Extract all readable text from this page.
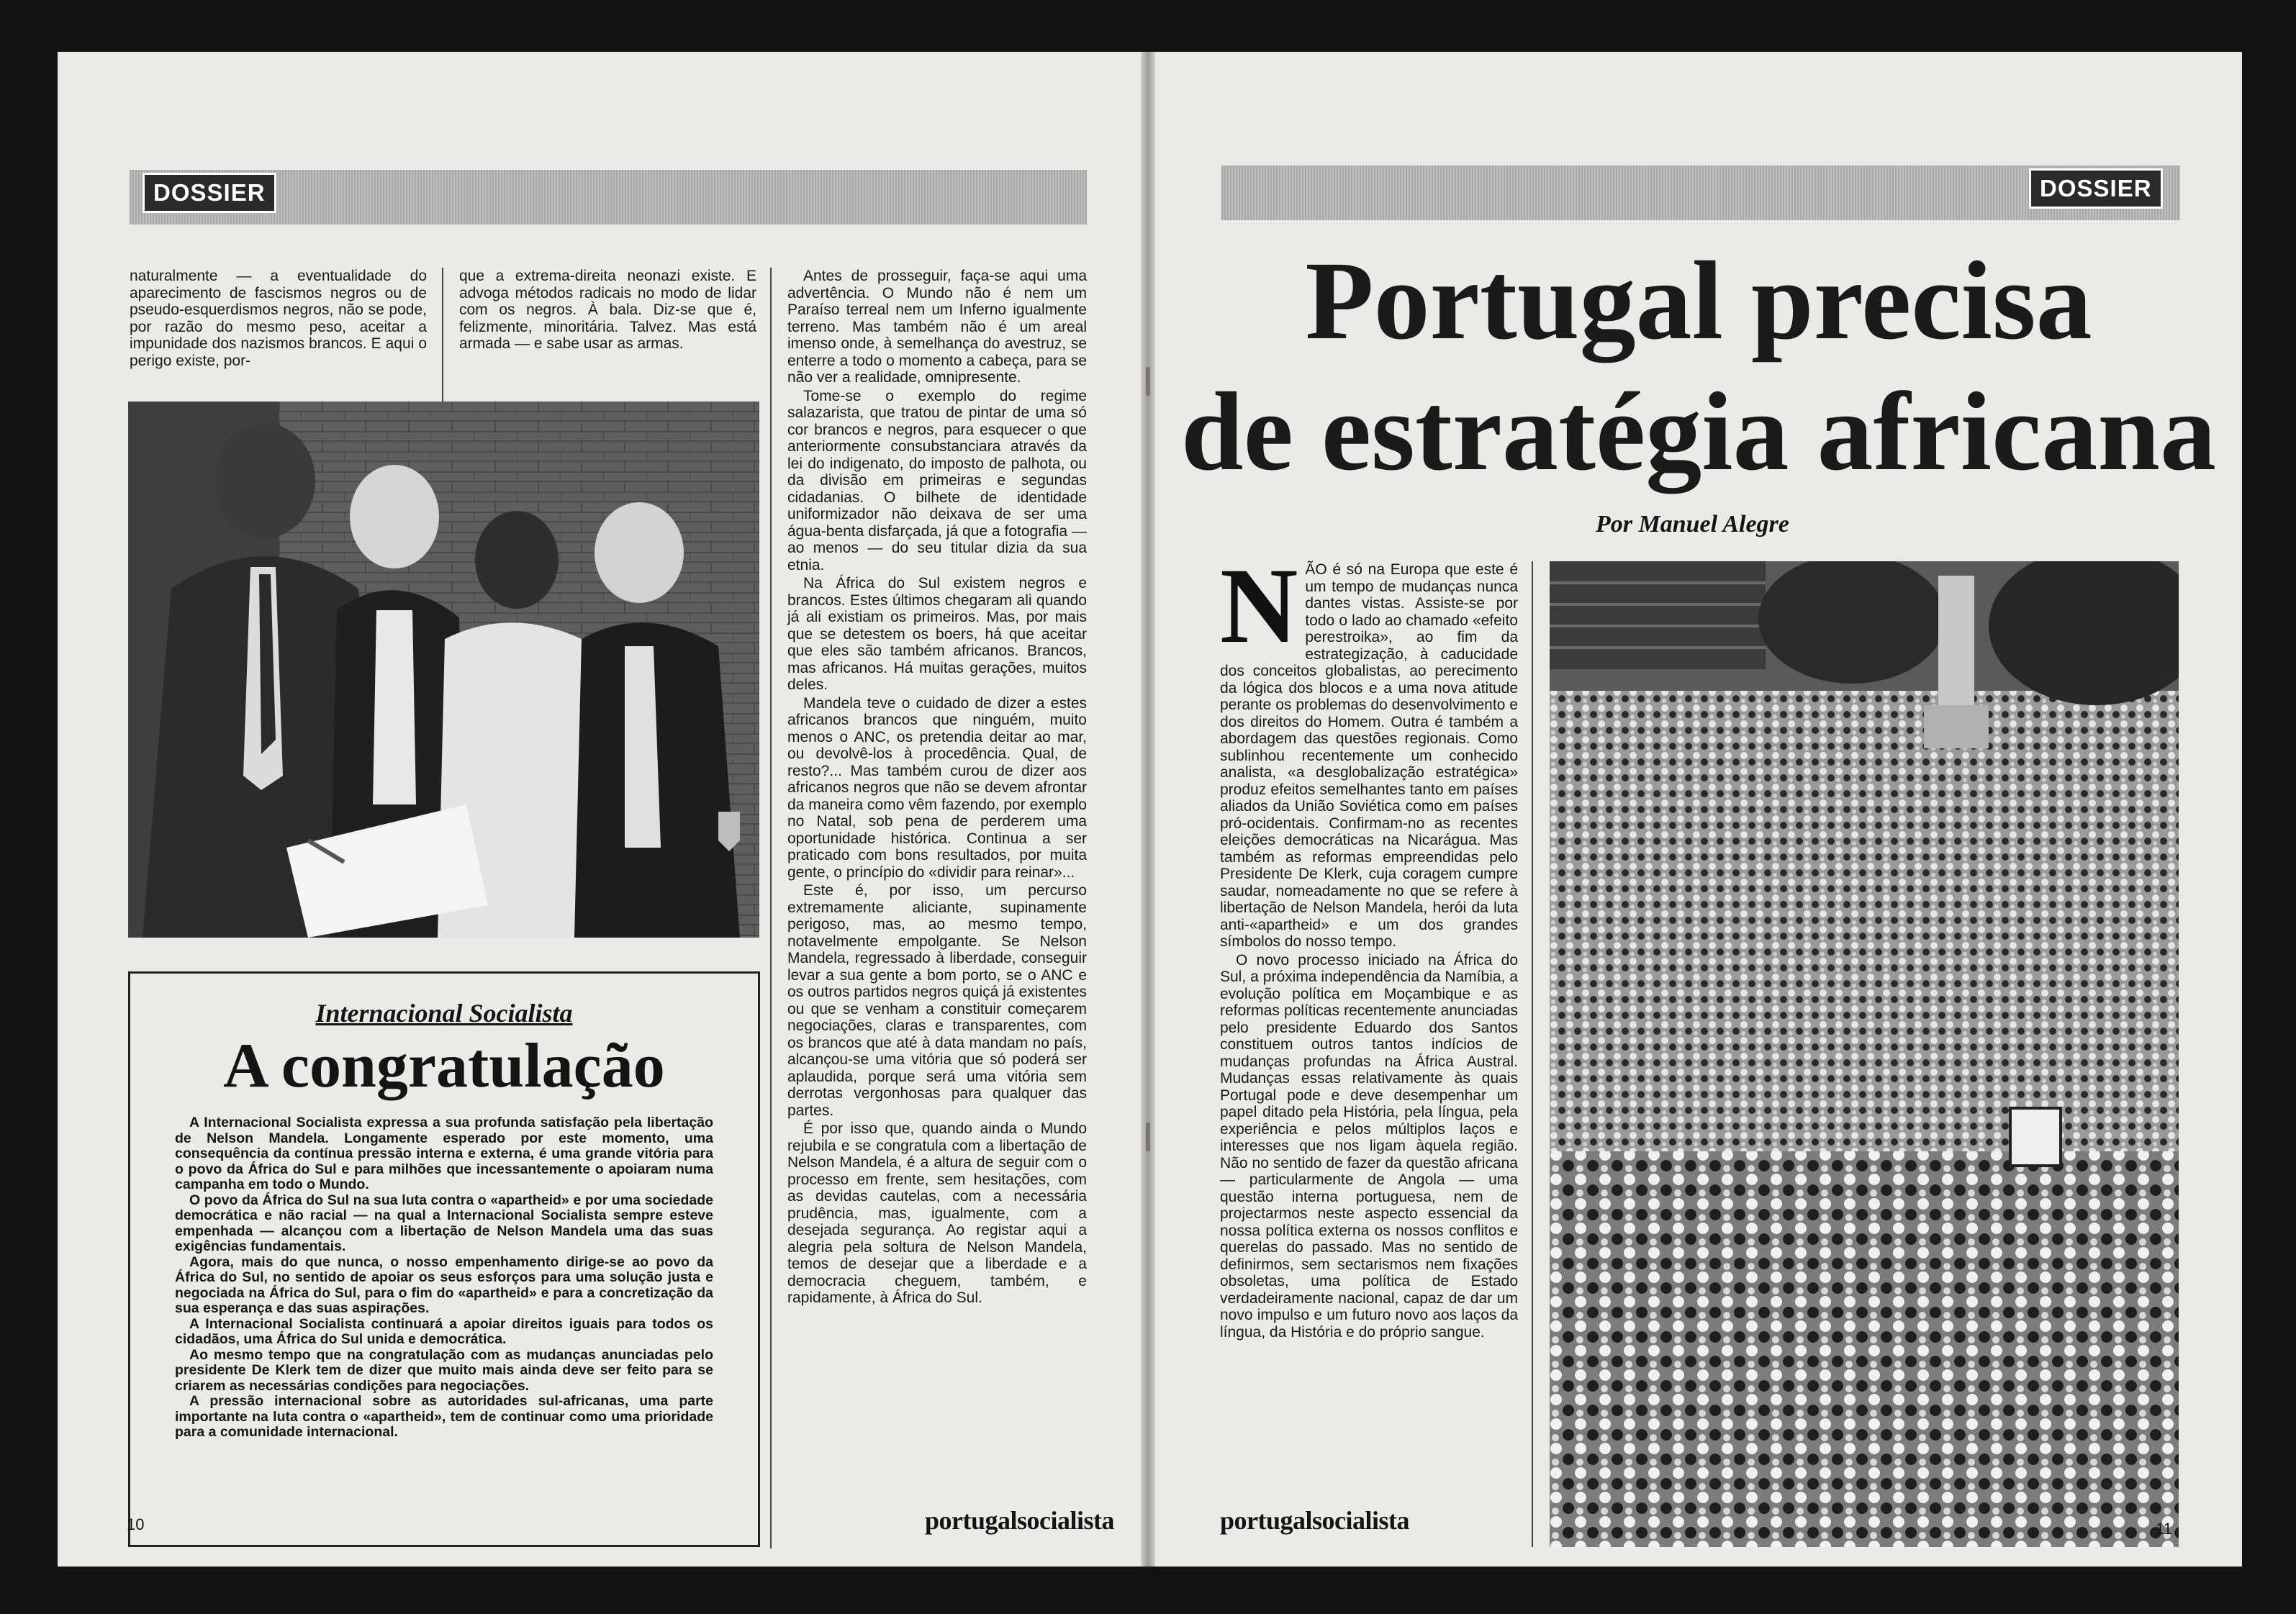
DOSSIER

naturalmente — a eventualidade do aparecimento de fascismos negros ou de pseudo-esquerdismos negros, não se pode, por razão do mesmo peso, aceitar a impunidade dos nazismos brancos. E aqui o perigo existe, por-

que a extrema-direita neonazi existe. E advoga métodos radicais no modo de lidar com os negros. À bala. Diz-se que é, felizmente, minoritária. Talvez. Mas está armada — e sabe usar as armas.

Internacional Socialista
A congratulação

A Internacional Socialista expressa a sua profunda satisfação pela libertação de Nelson Mandela. Longamente esperado por este momento, uma consequência da contínua pressão interna e externa, é uma grande vitória para o povo da África do Sul e para milhões que incessantemente o apoiaram numa campanha em todo o Mundo.

O povo da África do Sul na sua luta contra o «apartheid» e por uma sociedade democrática e não racial — na qual a Internacional Socialista sempre esteve empenhada — alcançou com a libertação de Nelson Mandela uma das suas exigências fundamentais.

Agora, mais do que nunca, o nosso empenhamento dirige-se ao povo da África do Sul, no sentido de apoiar os seus esforços para uma solução justa e negociada na África do Sul, para o fim do «apartheid» e para a concretização da sua esperança e das suas aspirações.

A Internacional Socialista continuará a apoiar direitos iguais para todos os cidadãos, uma África do Sul unida e democrática.

Ao mesmo tempo que na congratulação com as mudanças anunciadas pelo presidente De Klerk tem de dizer que muito mais ainda deve ser feito para se criarem as necessárias condições para negociações.

A pressão internacional sobre as autoridades sul-africanas, uma parte importante na luta contra o «apartheid», tem de continuar como uma prioridade para a comunidade internacional.

Antes de prosseguir, faça-se aqui uma advertência. O Mundo não é nem um Paraíso terreal nem um Inferno igualmente terreno. Mas também não é um areal imenso onde, à semelhança do avestruz, se enterre a todo o momento a cabeça, para se não ver a realidade, omnipresente.

Tome-se o exemplo do regime salazarista, que tratou de pintar de uma só cor brancos e negros, para esquecer o que anteriormente consubstanciara através da lei do indigenato, do imposto de palhota, ou da divisão em primeiras e segundas cidadanias. O bilhete de identidade uniformizador não deixava de ser uma água-benta disfarçada, já que a fotografia — ao menos — do seu titular dizia da sua etnia.

Na África do Sul existem negros e brancos. Estes últimos chegaram ali quando já ali existiam os primeiros. Mas, por mais que se detestem os boers, há que aceitar que eles são também africanos. Brancos, mas africanos. Há muitas gerações, muitos deles.

Mandela teve o cuidado de dizer a estes africanos brancos que ninguém, muito menos o ANC, os pretendia deitar ao mar, ou devolvê-los à procedência. Qual, de resto?... Mas também curou de dizer aos africanos negros que não se devem afrontar da maneira como vêm fazendo, por exemplo no Natal, sob pena de perderem uma oportunidade histórica. Continua a ser praticado com bons resultados, por muita gente, o princípio do «dividir para reinar»...

Este é, por isso, um percurso extremamente aliciante, supinamente perigoso, mas, ao mesmo tempo, notavelmente empolgante. Se Nelson Mandela, regressado à liberdade, conseguir levar a sua gente a bom porto, se o ANC e os outros partidos negros quiçá já existentes ou que se venham a constituir começarem negociações, claras e transparentes, com os brancos que até à data mandam no país, alcançou-se uma vitória que só poderá ser aplaudida, porque será uma vitória sem derrotas vergonhosas para qualquer das partes.

É por isso que, quando ainda o Mundo rejubila e se congratula com a libertação de Nelson Mandela, é a altura de seguir com o processo em frente, sem hesitações, com as devidas cautelas, com a necessária prudência, mas, igualmente, com a desejada segurança. Ao registar aqui a alegria pela soltura de Nelson Mandela, temos de desejar que a liberdade e a democracia cheguem, também, e rapidamente, à África do Sul.

10	portugalsocialista
DOSSIER
Portugal precisa
de estratégia africana
Por Manuel Alegre

NÃO é só na Europa que este é um tempo de mudanças nunca dantes vistas. Assiste-se por todo o lado ao chamado «efeito perestroika», ao fim da estrategização, à caducidade dos conceitos globalistas, ao perecimento da lógica dos blocos e a uma nova atitude perante os problemas do desenvolvimento e dos direitos do Homem. Outra é também a abordagem das questões regionais. Como sublinhou recentemente um conhecido analista, «a desglobalização estratégica» produz efeitos semelhantes tanto em países aliados da União Soviética como em países pró-ocidentais. Confirmam-no as recentes eleições democráticas na Nicarágua. Mas também as reformas empreendidas pelo Presidente De Klerk, cuja coragem cumpre saudar, nomeadamente no que se refere à libertação de Nelson Mandela, herói da luta anti-«apartheid» e um dos grandes símbolos do nosso tempo.

O novo processo iniciado na África do Sul, a próxima independência da Namíbia, a evolução política em Moçambique e as reformas políticas recentemente anunciadas pelo presidente Eduardo dos Santos constituem outros tantos indícios de mudanças profundas na África Austral. Mudanças essas relativamente às quais Portugal pode e deve desempenhar um papel ditado pela História, pela língua, pela experiência e pelos múltiplos laços e interesses que nos ligam àquela região. Não no sentido de fazer da questão africana — particularmente de Angola — uma questão interna portuguesa, nem de projectarmos neste aspecto essencial da nossa política externa os nossos conflitos e querelas do passado. Mas no sentido de definirmos, sem sectarismos nem fixações obsoletas, uma política de Estado verdadeiramente nacional, capaz de dar um novo impulso e um futuro novo aos laços da língua, da História e do próprio sangue.

portugalsocialista	11
